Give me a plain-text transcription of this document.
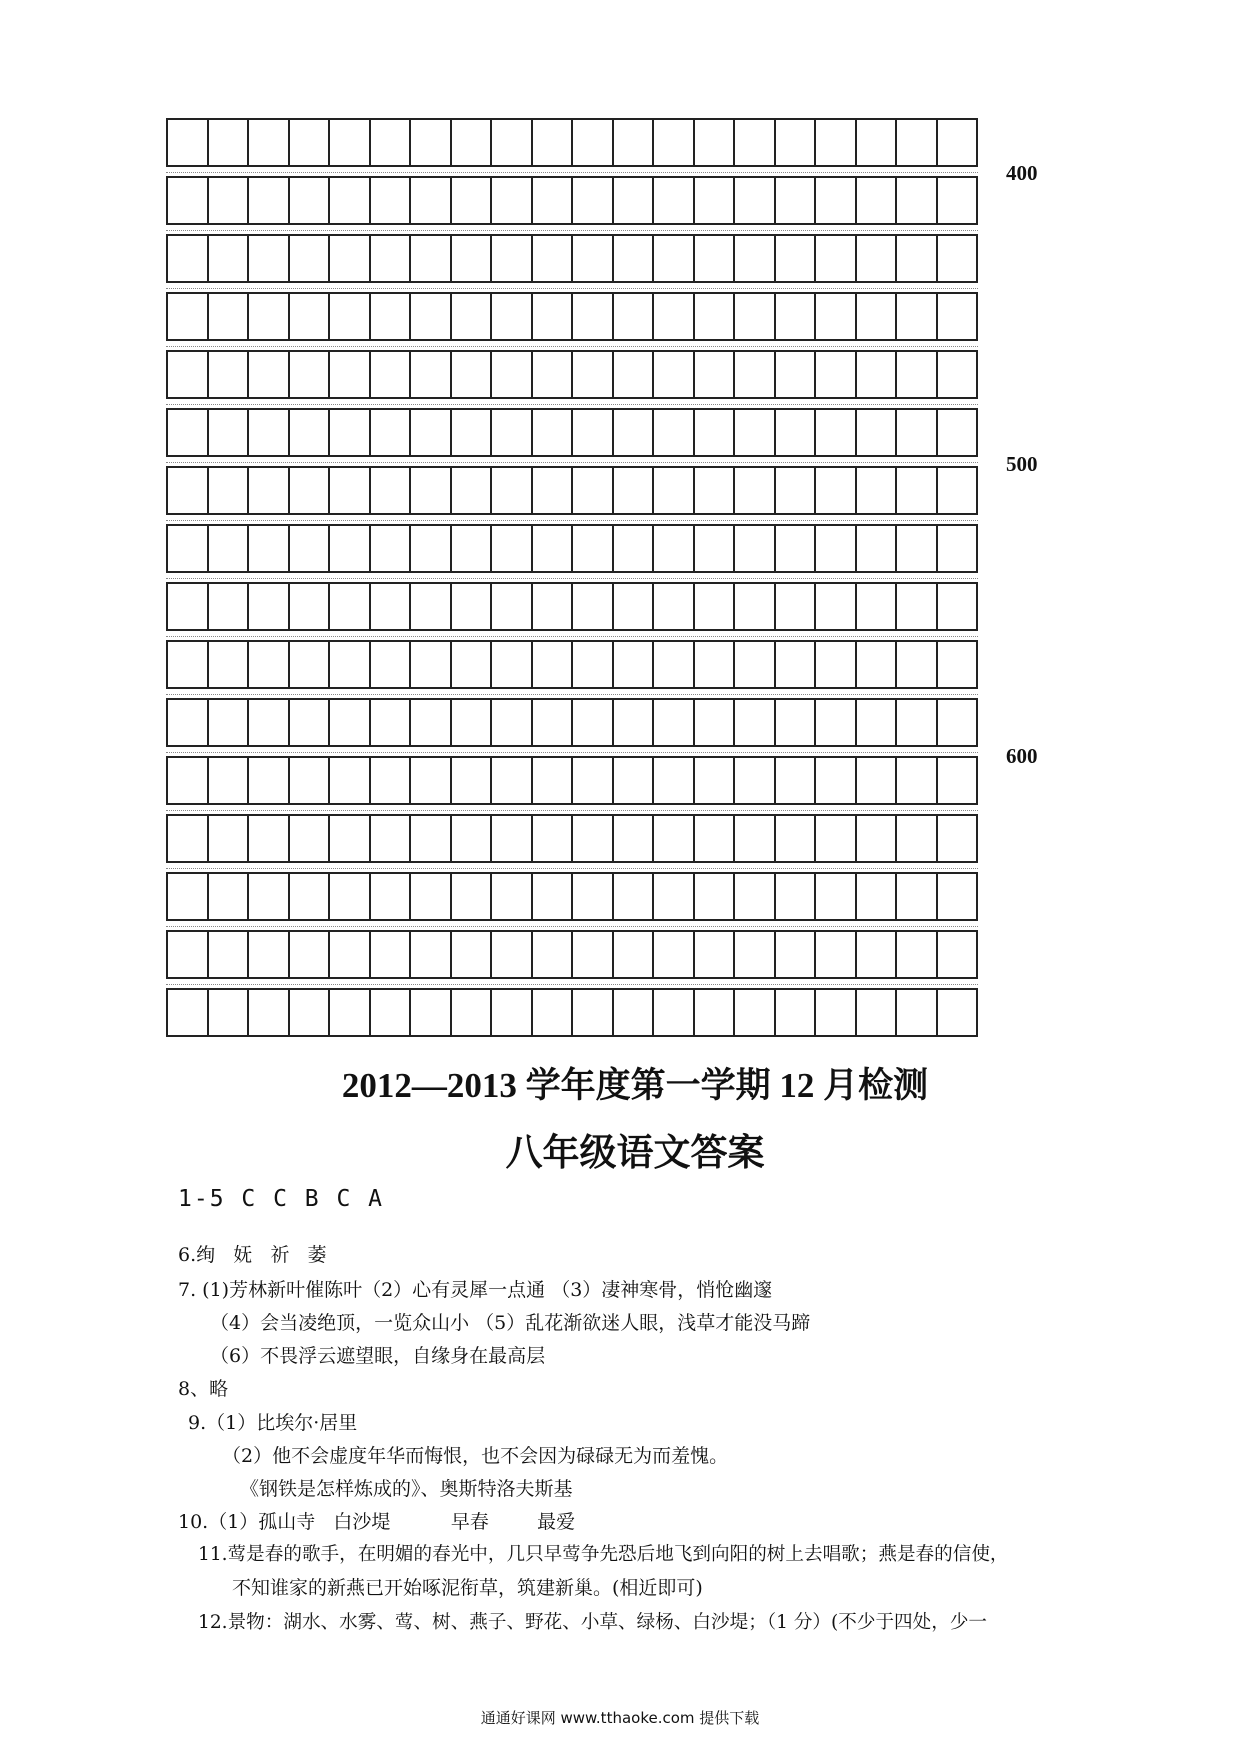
400
500
600
2012—2013 学年度第一学期 12 月检测
八年级语文答案
1-5 C C B C A
6.绚   妩   祈   萎
7. (1)芳林新叶催陈叶（2）心有灵犀一点通 （3）凄神寒骨，悄怆幽邃
（4）会当凌绝顶，一览众山小 （5）乱花渐欲迷人眼，浅草才能没马蹄
（6）不畏浮云遮望眼，自缘身在最高层
8、略
9.（1）比埃尔·居里
（2）他不会虚度年华而悔恨，也不会因为碌碌无为而羞愧。
《钢铁是怎样炼成的》、奥斯特洛夫斯基
10.（1）孤山寺   白沙堤          早春        最爱
11.莺是春的歌手，在明媚的春光中，几只早莺争先恐后地飞到向阳的树上去唱歌；燕是春的信使，
不知谁家的新燕已开始啄泥衔草，筑建新巢。(相近即可)
12.景物：湖水、水雾、莺、树、燕子、野花、小草、绿杨、白沙堤；（1 分）(不少于四处，少一
通通好课网 www.tthaoke.com 提供下载
